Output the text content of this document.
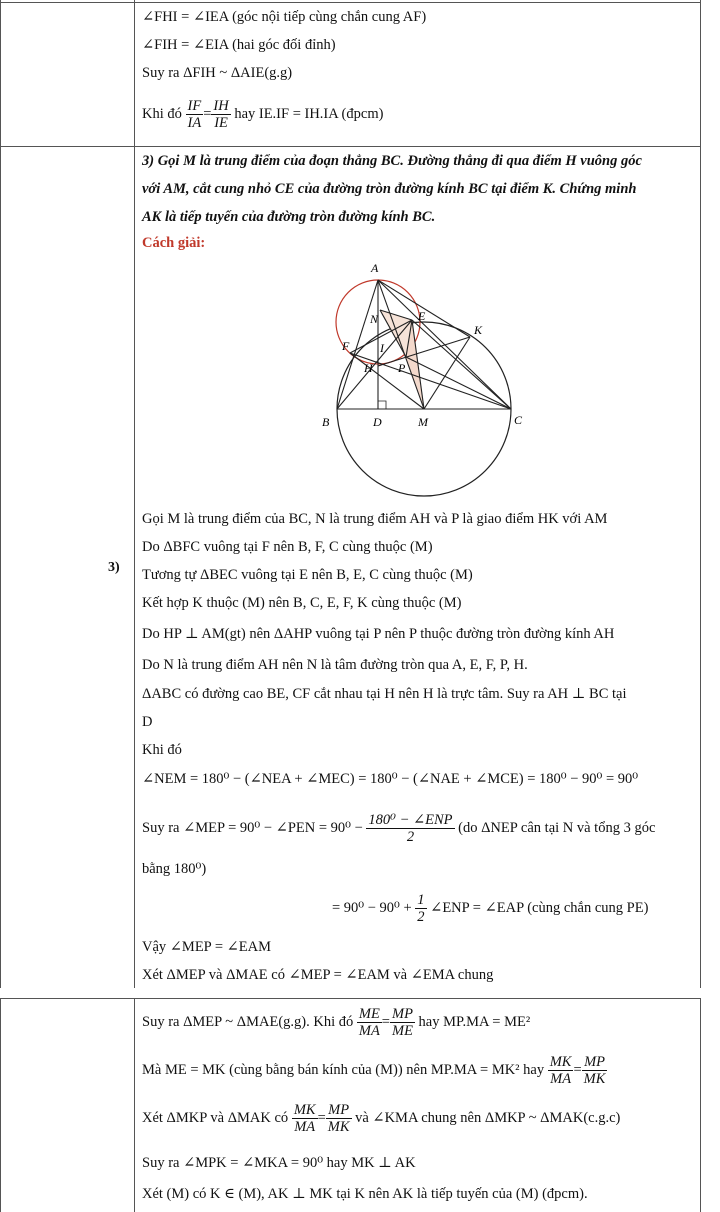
∠FHI = ∠IEA (góc nội tiếp cùng chắn cung AF)
∠FIH = ∠EIA (hai góc đối đỉnh)
Suy ra ΔFIH ~ ΔAIE(g.g)
Khi đó $\frac{IF}{IA} = \frac{IH}{IE}$ hay IE.IF = IH.IA (đpcm)
3) Gọi M là trung điểm của đoạn thẳng BC. Đường thẳng đi qua điểm H vuông góc
với AM, cắt cung nhỏ CE của đường tròn đường kính BC tại điểm K. Chứng minh
AK là tiếp tuyến của đường tròn đường kính BC.
Cách giải:
A
N	E
K
F	I
H P
B	D	M	C
3)
Gọi M là trung điểm của BC, N là trung điểm AH và P là giao điểm HK với AM
Do ΔBFC vuông tại F nên B, F, C cùng thuộc (M)
Tương tự ΔBEC vuông tại E nên B, E, C cùng thuộc (M)
Kết hợp K thuộc (M) nên B, C, E, F, K cùng thuộc (M)
Do HP ⊥ AM(gt) nên ΔAHP vuông tại P nên P thuộc đường tròn đường kính AH
Do N là trung điểm AH nên N là tâm đường tròn qua A, E, F, P, H.
ΔABC có đường cao BE, CF cắt nhau tại H nên H là trực tâm. Suy ra AH ⊥ BC tại
D
Khi đó
∠NEM = 180⁰ − (∠NEA + ∠MEC) = 180⁰ − (∠NAE + ∠MCE) = 180⁰ − 90⁰ = 90⁰
Suy ra ∠MEP = 90⁰ − ∠PEN = $90^0 - \frac{\text{180⁰ − ∠ENP}}{2} (do$ ΔNEP cân tại N và tổng 3 góc
bằng 180⁰)
= $90^0 - 90^0 + \frac{1}{2}$ ∠ENP = ∠EAP (cùng chắn cung PE)
Vậy ∠MEP = ∠EAM
Xét ΔMEP và ΔMAE có ∠MEP = ∠EAM và ∠EMA chung
Suy ra ΔMEP ~ ΔMAE(g.g). Khi đó $\frac{ME}{MA} = \frac{MP}{ME}$ hay MP.MA = ME²
Mà ME = MK (cùng bằng bán kính của (M)) nên MP.MA = MK² hay $\frac{MK}{MA} = \frac{MP}{MK}$
Xét ΔMKP và ΔMAK có $\frac{MK}{MA} = \frac{MP}{MK}$ và ∠KMA chung nên ΔMKP ~ ΔMAK(c.g.c)
Suy ra ∠MPK = ∠MKA = 90⁰ hay MK ⊥ AK
Xét (M) có K ∈ (M), AK ⊥ MK tại K nên AK là tiếp tuyến của (M) (đpcm).
